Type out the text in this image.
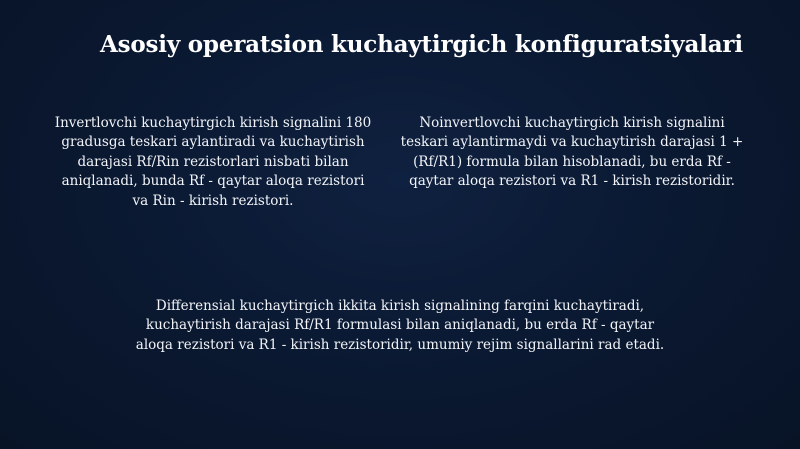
Asosiy operatsion kuchaytirgich konfiguratsiyalari

Invertlovchi kuchaytirgich kirish signalini 180 gradusga teskari aylantiradi va kuchaytirish darajasi Rf/Rin rezistorlari nisbati bilan aniqlanadi, bunda Rf - qaytar aloqa rezistori va Rin - kirish rezistori.

Noinvertlovchi kuchaytirgich kirish signalini teskari aylantirmaydi va kuchaytirish darajasi 1 + (Rf/R1) formula bilan hisoblanadi, bu erda Rf - qaytar aloqa rezistori va R1 - kirish rezistoridir.

Differensial kuchaytirgich ikkita kirish signalining farqini kuchaytiradi, kuchaytirish darajasi Rf/R1 formulasi bilan aniqlanadi, bu erda Rf - qaytar aloqa rezistori va R1 - kirish rezistoridir, umumiy rejim signallarini rad etadi.
